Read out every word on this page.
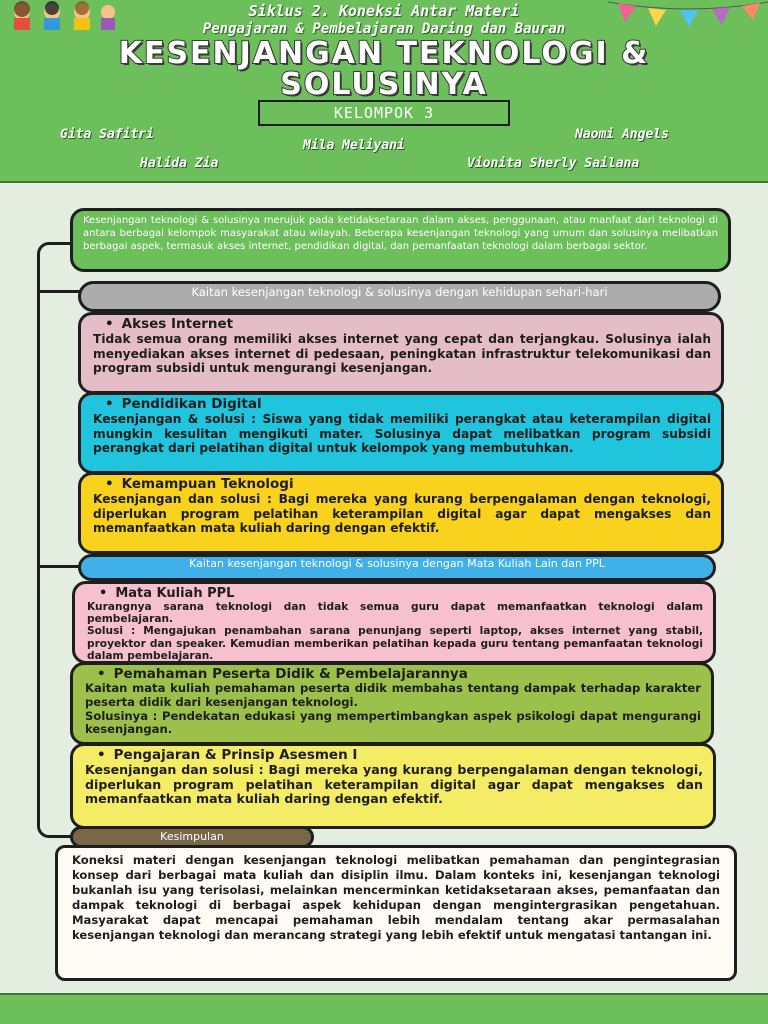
Siklus 2. Koneksi Antar Materi
Pengajaran & Pembelajaran Daring dan Bauran
KESENJANGAN TEKNOLOGI &
SOLUSINYA
KELOMPOK 3
Gita Safitri
Mila Meliyani
Naomi Angels
Halida Zia	Vionita Sherly Sailana
Kesenjangan teknologi & solusinya merujuk pada ketidaksetaraan dalam akses, penggunaan, atau manfaat dari teknologi di antara berbagai kelompok masyarakat atau wilayah. Beberapa kesenjangan teknologi yang umum dan solusinya melibatkan berbagai aspek, termasuk akses internet, pendidikan digital, dan pemanfaatan teknologi dalam berbagai sektor.
Kaitan kesenjangan teknologi & solusinya dengan kehidupan sehari-hari
• Akses Internet
Tidak semua orang memiliki akses internet yang cepat dan terjangkau. Solusinya ialah menyediakan akses internet di pedesaan, peningkatan infrastruktur telekomunikasi dan program subsidi untuk mengurangi kesenjangan.
• Pendidikan Digital
Kesenjangan & solusi : Siswa yang tidak memiliki perangkat atau keterampilan digital mungkin kesulitan mengikuti mater. Solusinya dapat melibatkan program subsidi perangkat dari pelatihan digital untuk kelompok yang membutuhkan.
• Kemampuan Teknologi
Kesenjangan dan solusi : Bagi mereka yang kurang berpengalaman dengan teknologi, diperlukan program pelatihan keterampilan digital agar dapat mengakses dan memanfaatkan mata kuliah daring dengan efektif.
Kaitan kesenjangan teknologi & solusinya dengan Mata Kuliah Lain dan PPL
• Mata Kuliah PPL
Kurangnya sarana teknologi dan tidak semua guru dapat memanfaatkan teknologi dalam pembelajaran.
Solusi : Mengajukan penambahan sarana penunjang seperti laptop, akses internet yang stabil, proyektor dan speaker. Kemudian memberikan pelatihan kepada guru tentang pemanfaatan teknologi dalam pembelajaran.
• Pemahaman Peserta Didik & Pembelajarannya
Kaitan mata kuliah pemahaman peserta didik membahas tentang dampak terhadap karakter peserta didik dari kesenjangan teknologi.
Solusinya : Pendekatan edukasi yang mempertimbangkan aspek psikologi dapat mengurangi kesenjangan.
• Pengajaran & Prinsip Asesmen I
Kesenjangan dan solusi : Bagi mereka yang kurang berpengalaman dengan teknologi, diperlukan program pelatihan keterampilan digital agar dapat mengakses dan memanfaatkan mata kuliah daring dengan efektif.
Koneksi materi dengan kesenjangan teknologi melibatkan pemahaman dan pengintegrasian konsep dari berbagai mata kuliah dan disiplin ilmu. Dalam konteks ini, kesenjangan teknologi bukanlah isu yang terisolasi, melainkan mencerminkan ketidaksetaraan akses, pemanfaatan dan dampak teknologi di berbagai aspek kehidupan dengan mengintergrasikan pengetahuan. Masyarakat dapat mencapai pemahaman lebih mendalam tentang akar permasalahan kesenjangan teknologi dan merancang strategi yang lebih efektif untuk mengatasi tantangan ini.
Kesimpulan
